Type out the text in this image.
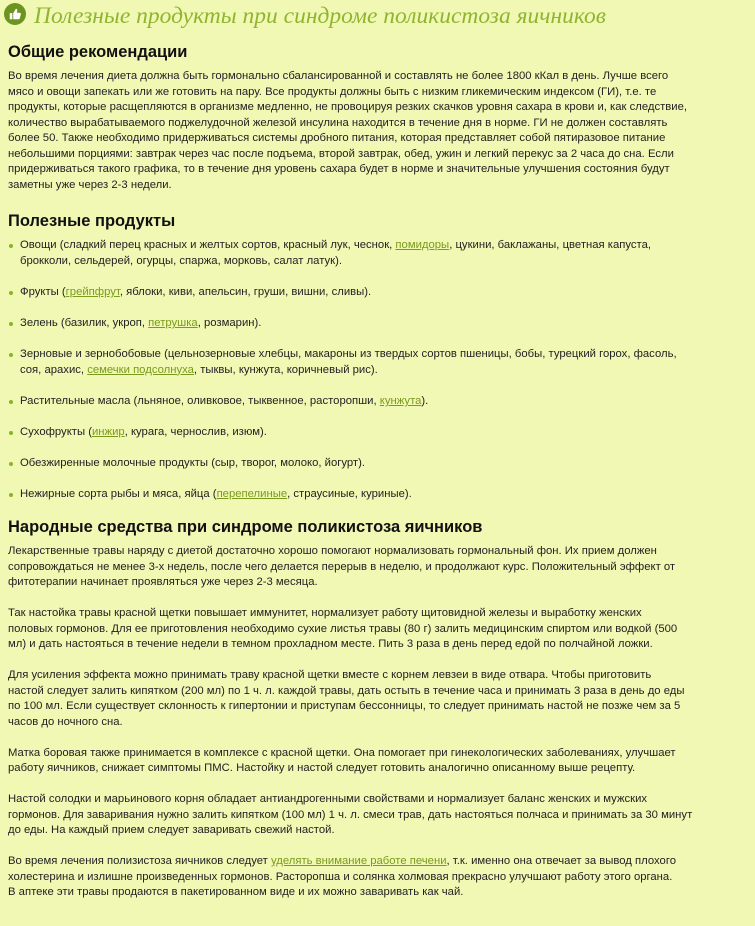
Полезные продукты при синдроме поликистоза яичников
Общие рекомендации

Во время лечения диета должна быть гормонально сбалансированной и составлять не более 1800 кКал в день. Лучше всего
мясо и овощи запекать или же готовить на пару. Все продукты должны быть с низким гликемическим индексом (ГИ), т.е. те
продукты, которые расщепляются в организме медленно, не провоцируя резких скачков уровня сахара в крови и, как следствие,
количество вырабатываемого поджелудочной железой инсулина находится в течение дня в норме. ГИ не должен составлять
более 50. Также необходимо придерживаться системы дробного питания, которая представляет собой пятиразовое питание
небольшими порциями: завтрак через час после подъема, второй завтрак, обед, ужин и легкий перекус за 2 часа до сна. Если
придерживаться такого графика, то в течение дня уровень сахара будет в норме и значительные улучшения состояния будут
заметны уже через 2-3 недели.

Полезные продукты
Овощи (сладкий перец красных и желтых сортов, красный лук, чеснок, помидоры, цукини, баклажаны, цветная капуста,
брокколи, сельдерей, огурцы, спаржа, морковь, салат латук).
Фрукты (грейпфрут, яблоки, киви, апельсин, груши, вишни, сливы).
Зелень (базилик, укроп, петрушка, розмарин).
Зерновые и зернобобовые (цельнозерновые хлебцы, макароны из твердых сортов пшеницы, бобы, турецкий горох, фасоль,
соя, арахис, семечки подсолнуха, тыквы, кунжута, коричневый рис).
Растительные масла (льняное, оливковое, тыквенное, расторопши, кунжута).
Сухофрукты (инжир, курага, чернослив, изюм).
Обезжиренные молочные продукты (сыр, творог, молоко, йогурт).
Нежирные сорта рыбы и мяса, яйца (перепелиные, страусиные, куриные).
Народные средства при синдроме поликистоза яичников

Лекарственные травы наряду с диетой достаточно хорошо помогают нормализовать гормональный фон. Их прием должен
сопровождаться не менее 3-х недель, после чего делается перерыв в неделю, и продолжают курс. Положительный эффект от
фитотерапии начинает проявляться уже через 2-3 месяца.

Так настойка травы красной щетки повышает иммунитет, нормализует работу щитовидной железы и выработку женских
половых гормонов. Для ее приготовления необходимо сухие листья травы (80 г) залить медицинским спиртом или водкой (500
мл) и дать настояться в течение недели в темном прохладном месте. Пить 3 раза в день перед едой по полчайной ложки.

Для усиления эффекта можно принимать траву красной щетки вместе с корнем левзеи в виде отвара. Чтобы приготовить
настой следует залить кипятком (200 мл) по 1 ч. л. каждой травы, дать остыть в течение часа и принимать 3 раза в день до еды
по 100 мл. Если существует склонность к гипертонии и приступам бессонницы, то следует принимать настой не позже чем за 5
часов до ночного сна.

Матка боровая также принимается в комплексе с красной щетки. Она помогает при гинекологических заболеваниях, улучшает
работу яичников, снижает симптомы ПМС. Настойку и настой следует готовить аналогично описанному выше рецепту.

Настой солодки и марьинового корня обладает антиандрогенными свойствами и нормализует баланс женских и мужских
гормонов. Для заваривания нужно залить кипятком (100 мл) 1 ч. л. смеси трав, дать настояться полчаса и принимать за 30 минут
до еды. На каждый прием следует заваривать свежий настой.

Во время лечения полизистоза яичников следует уделять внимание работе печени, т.к. именно она отвечает за вывод плохого
холестерина и излишне произведенных гормонов. Расторопша и солянка холмовая прекрасно улучшают работу этого органа.
В аптеке эти травы продаются в пакетированном виде и их можно заваривать как чай.
